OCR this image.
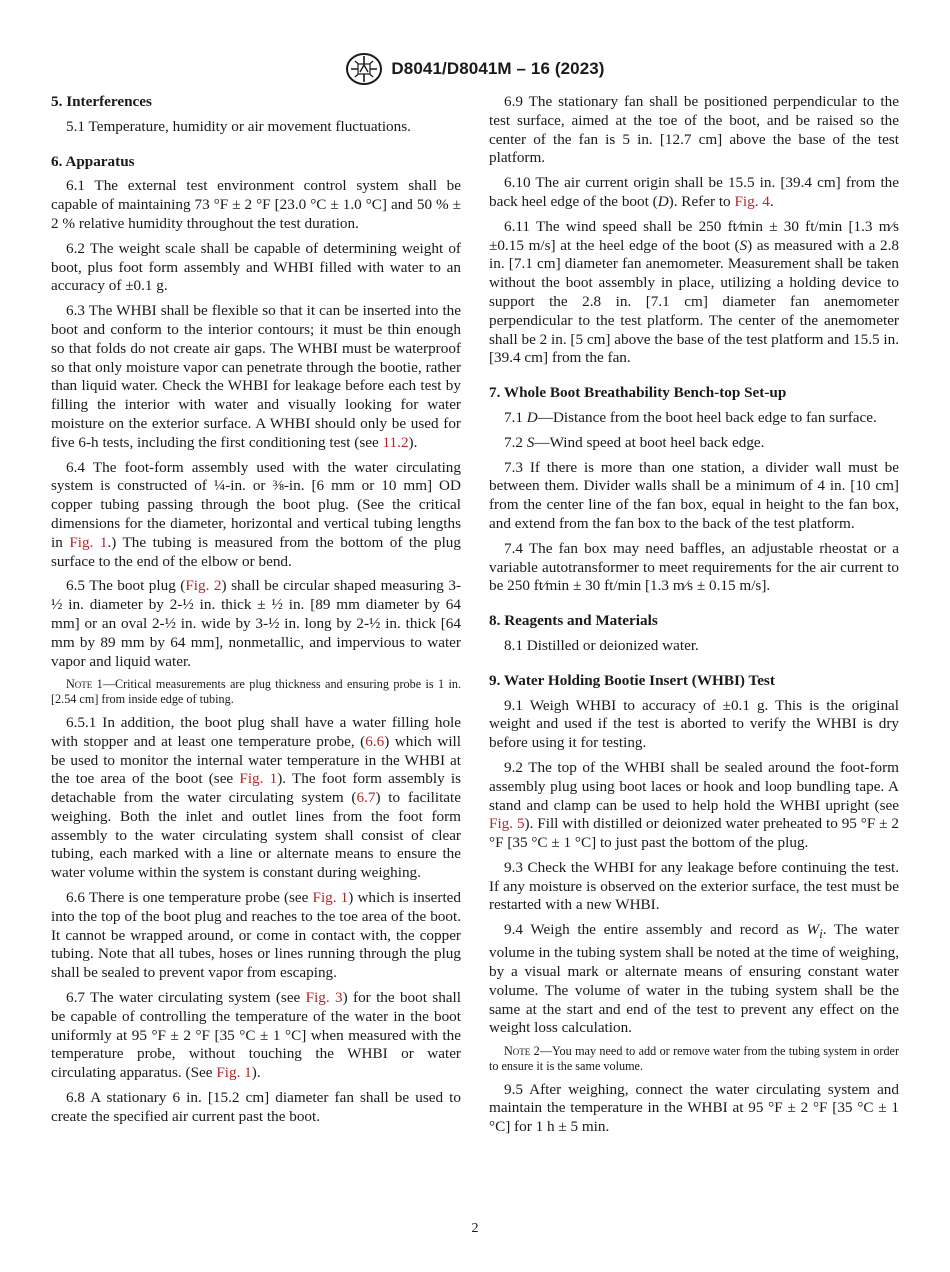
D8041/D8041M – 16 (2023)
5. Interferences

5.1 Temperature, humidity or air movement fluctuations.

6. Apparatus

6.1 The external test environment control system shall be capable of maintaining 73 °F ± 2 °F [23.0 °C ± 1.0 °C] and 50 % ± 2 % relative humidity throughout the test duration.

6.2 The weight scale shall be capable of determining weight of boot, plus foot form assembly and WHBI filled with water to an accuracy of ±0.1 g.

6.3 The WHBI shall be flexible so that it can be inserted into the boot and conform to the interior contours; it must be thin enough so that folds do not create air gaps. The WHBI must be waterproof so that only moisture vapor can penetrate through the bootie, rather than liquid water. Check the WHBI for leakage before each test by filling the interior with water and visually looking for water moisture on the exterior surface. A WHBI should only be used for five 6-h tests, including the first conditioning test (see 11.2).

6.4 The foot-form assembly used with the water circulating system is constructed of ¼-in. or ⅜-in. [6 mm or 10 mm] OD copper tubing passing through the boot plug. (See the critical dimensions for the diameter, horizontal and vertical tubing lengths in Fig. 1.) The tubing is measured from the bottom of the plug surface to the end of the elbow or bend.

6.5 The boot plug (Fig. 2) shall be circular shaped measuring 3-½ in. diameter by 2-½ in. thick ± ½ in. [89 mm diameter by 64 mm] or an oval 2-½ in. wide by 3-½ in. long by 2-½ in. thick [64 mm by 89 mm by 64 mm], nonmetallic, and impervious to water vapor and liquid water.

Note 1—Critical measurements are plug thickness and ensuring probe is 1 in. [2.54 cm] from inside edge of tubing.

6.5.1 In addition, the boot plug shall have a water filling hole with stopper and at least one temperature probe, (6.6) which will be used to monitor the internal water temperature in the WHBI at the toe area of the boot (see Fig. 1). The foot form assembly is detachable from the water circulating system (6.7) to facilitate weighing. Both the inlet and outlet lines from the foot form assembly to the water circulating system shall consist of clear tubing, each marked with a line or alternate means to ensure the water volume within the system is constant during weighing.

6.6 There is one temperature probe (see Fig. 1) which is inserted into the top of the boot plug and reaches to the toe area of the boot. It cannot be wrapped around, or come in contact with, the copper tubing. Note that all tubes, hoses or lines running through the plug shall be sealed to prevent vapor from escaping.

6.7 The water circulating system (see Fig. 3) for the boot shall be capable of controlling the temperature of the water in the boot uniformly at 95 °F ± 2 °F [35 °C ± 1 °C] when measured with the temperature probe, without touching the WHBI or water circulating apparatus. (See Fig. 1).

6.8 A stationary 6 in. [15.2 cm] diameter fan shall be used to create the specified air current past the boot.

6.9 The stationary fan shall be positioned perpendicular to the test surface, aimed at the toe of the boot, and be raised so the center of the fan is 5 in. [12.7 cm] above the base of the test platform.

6.10 The air current origin shall be 15.5 in. [39.4 cm] from the back heel edge of the boot (D). Refer to Fig. 4.

6.11 The wind speed shall be 250 ft⁄min ± 30 ft/min [1.3 m⁄s ±0.15 m/s] at the heel edge of the boot (S) as measured with a 2.8 in. [7.1 cm] diameter fan anemometer. Measurement shall be taken without the boot assembly in place, utilizing a holding device to support the 2.8 in. [7.1 cm] diameter fan anemometer perpendicular to the test platform. The center of the anemometer shall be 2 in. [5 cm] above the base of the test platform and 15.5 in. [39.4 cm] from the fan.

7. Whole Boot Breathability Bench-top Set-up

7.1 D—Distance from the boot heel back edge to fan surface.

7.2 S—Wind speed at boot heel back edge.

7.3 If there is more than one station, a divider wall must be between them. Divider walls shall be a minimum of 4 in. [10 cm] from the center line of the fan box, equal in height to the fan box, and extend from the fan box to the back of the test platform.

7.4 The fan box may need baffles, an adjustable rheostat or a variable autotransformer to meet requirements for the air current to be 250 ft⁄min ± 30 ft/min [1.3 m⁄s ± 0.15 m/s].

8. Reagents and Materials

8.1 Distilled or deionized water.

9. Water Holding Bootie Insert (WHBI) Test

9.1 Weigh WHBI to accuracy of ±0.1 g. This is the original weight and used if the test is aborted to verify the WHBI is dry before using it for testing.

9.2 The top of the WHBI shall be sealed around the foot-form assembly plug using boot laces or hook and loop bundling tape. A stand and clamp can be used to help hold the WHBI upright (see Fig. 5). Fill with distilled or deionized water preheated to 95 °F ± 2 °F [35 °C ± 1 °C] to just past the bottom of the plug.

9.3 Check the WHBI for any leakage before continuing the test. If any moisture is observed on the exterior surface, the test must be restarted with a new WHBI.

9.4 Weigh the entire assembly and record as $W_i$. The water volume in the tubing system shall be noted at the time of weighing, by a visual mark or alternate means of ensuring constant water volume. The volume of water in the tubing system shall be the same at the start and end of the test to prevent any effect on the weight loss calculation.

Note 2—You may need to add or remove water from the tubing system in order to ensure it is the same volume.

9.5 After weighing, connect the water circulating system and maintain the temperature in the WHBI at 95 °F ± 2 °F [35 °C ± 1 °C] for 1 h ± 5 min.

2
